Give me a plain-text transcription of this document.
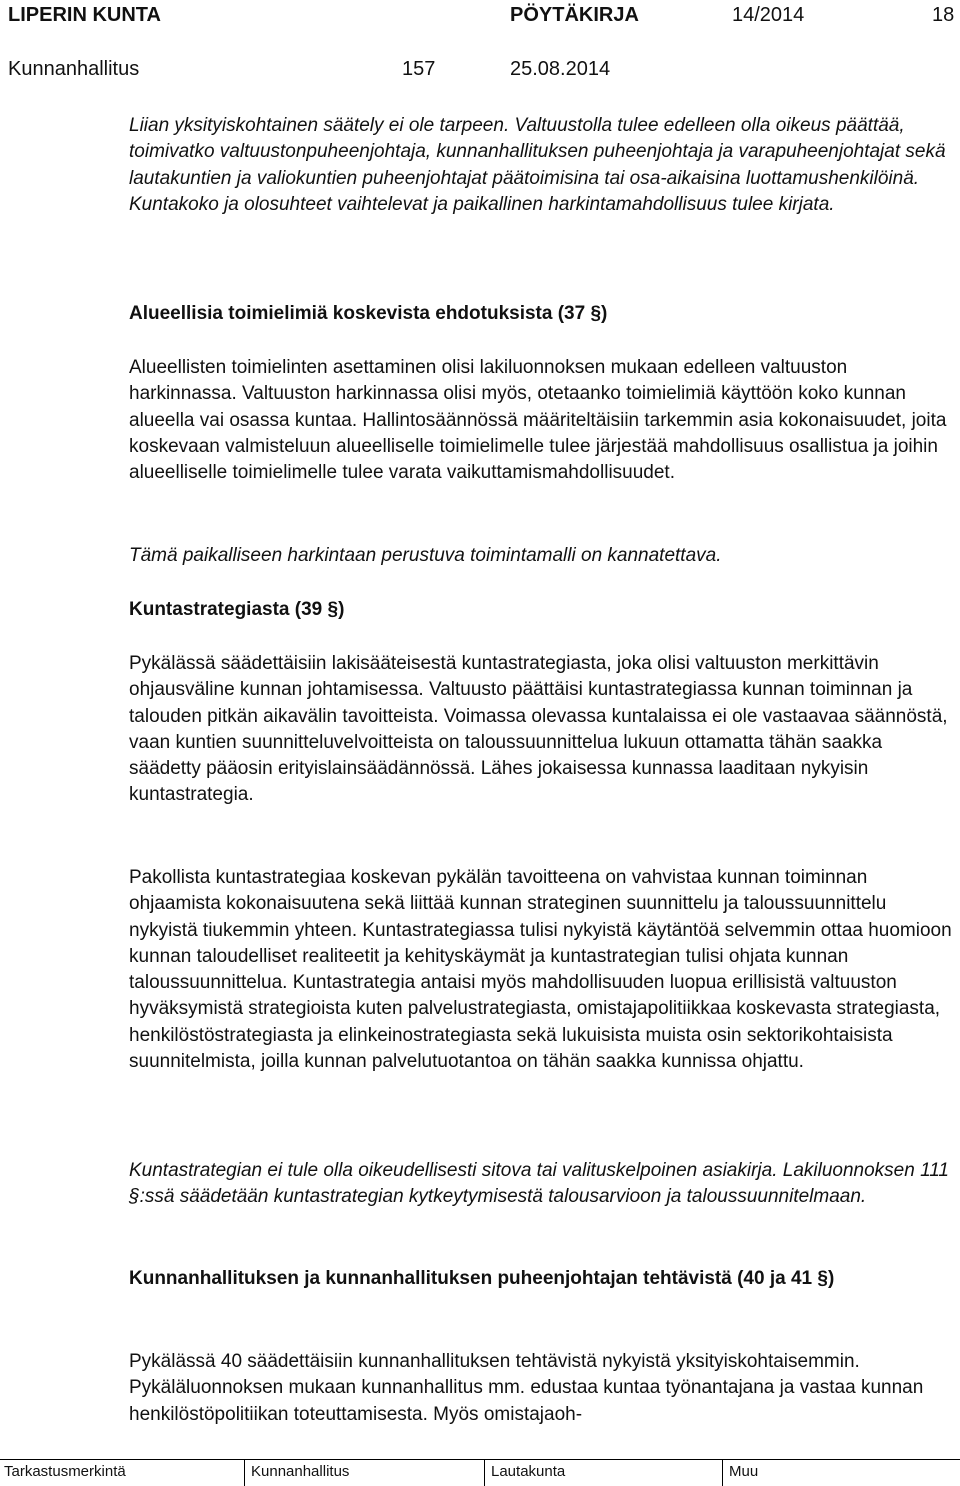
LIPERIN KUNTA	PÖYTÄKIRJA	14/2014	18
Kunnanhallitus	157	25.08.2014

Liian yksityiskohtainen säätely ei ole tarpeen. Valtuustolla tulee edelleen olla oikeus päättää, toimivatko valtuustonpuheenjohtaja, kunnanhallituksen puheenjohtaja ja varapuheenjohtajat sekä lautakuntien ja valiokuntien puheenjohtajat päätoimisina tai osa-aikaisina luottamushenkilöinä. Kuntakoko ja olosuhteet vaihtelevat ja paikallinen harkintamahdollisuus tulee kirjata.

Alueellisia toimielimiä koskevista ehdotuksista (37 §)

Alueellisten toimielinten asettaminen olisi lakiluonnoksen mukaan edelleen valtuuston harkinnassa. Valtuuston harkinnassa olisi myös, otetaanko toimielimiä käyttöön koko kunnan alueella vai osassa kuntaa. Hallintosäännössä määriteltäisiin tarkemmin asia kokonaisuudet, joita koskevaan valmisteluun alueelliselle toimielimelle tulee järjestää mahdollisuus osallistua ja joihin alueelliselle toimielimelle tulee varata vaikuttamismahdollisuudet.

Tämä paikalliseen harkintaan perustuva toimintamalli on kannatettava.

Kuntastrategiasta (39 §)

Pykälässä säädettäisiin lakisääteisestä kuntastrategiasta, joka olisi valtuuston merkittävin ohjausväline kunnan johtamisessa. Valtuusto päättäisi kuntastrategiassa kunnan toiminnan ja talouden pitkän aikavälin tavoitteista. Voimassa olevassa kuntalaissa ei ole vastaavaa säännöstä, vaan kuntien suunnitteluvelvoitteista on taloussuunnittelua lukuun ottamatta tähän saakka säädetty pääosin erityislainsäädännössä. Lähes jokaisessa kunnassa laaditaan nykyisin kuntastrategia.

Pakollista kuntastrategiaa koskevan pykälän tavoitteena on vahvistaa kunnan toiminnan ohjaamista kokonaisuutena sekä liittää kunnan strateginen suunnittelu ja taloussuunnittelu nykyistä tiukemmin yhteen. Kuntastrategiassa tulisi nykyistä käytäntöä selvemmin ottaa huomioon kunnan taloudelliset realiteetit ja kehityskäymät ja kuntastrategian tulisi ohjata kunnan taloussuunnittelua. Kuntastrategia antaisi myös mahdollisuuden luopua erillisistä valtuuston hyväksymistä strategioista kuten palvelustrategiasta, omistajapolitiikkaa koskevasta strategiasta, henkilöstöstrategiasta ja elinkeinostrategiasta sekä lukuisista muista osin sektorikohtaisista suunnitelmista, joilla kunnan palvelutuotantoa on tähän saakka kunnissa ohjattu.

Kuntastrategian ei tule olla oikeudellisesti sitova tai valituskelpoinen asiakirja. Lakiluonnoksen 111 §:ssä säädetään kuntastrategian kytkeytymisestä talousarvioon ja taloussuunnitelmaan.

Kunnanhallituksen ja kunnanhallituksen puheenjohtajan tehtävistä (40 ja 41 §)

Pykälässä 40 säädettäisiin kunnanhallituksen tehtävistä nykyistä yksityiskohtaisemmin. Pykäläluonnoksen mukaan kunnanhallitus mm. edustaa kuntaa työnantajana ja vastaa kunnan henkilöstöpolitiikan toteuttamisesta. Myös omistajaoh-

Tarkastusmerkintä	Kunnanhallitus	Lautakunta	Muu
